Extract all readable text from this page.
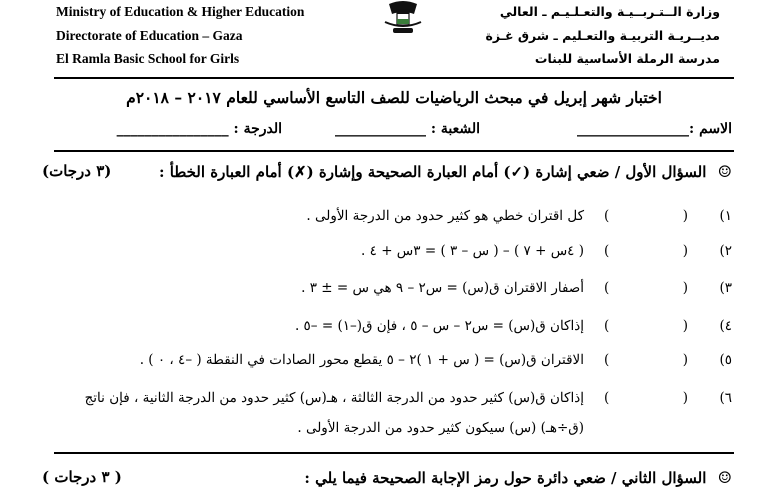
Ministry of Education & Higher Education
Directorate of Education – Gaza
El Ramla Basic School for Girls
وزارة الــتـربــيـة والتعـلـيـم ـ العالي
مديــريـة التربيـة والتعـليم ـ شرق غـزة
مدرسة الرملة الأساسية للبنات
اختبار شهر إبريل في مبحث الرياضيات للصف التاسع الأساسي للعام ٢٠١٧ – ٢٠١٨م
الاسم :________________
الشعبة : _____________
الدرجة : ________________
☺ السؤال الأول / ضعي إشارة (✓) أمام العبارة الصحيحة وإشارة (✗) أمام العبارة الخطأ :
(٣ درجات)
١)
(
)
كل اقتران خطي هو كثير حدود من الدرجة الأولى .
٢)
(
)
( ٤س + ٧ ) – ( س – ٣ ) = ٣س + ٤ .
٣)
(
)
أصفار الاقتران ق(س) = س٢ – ٩ هي س = ± ٣ .
٤)
(
)
إذاكان ق(س) = س٢ – س – ٥ ، فإن ق(–١) = –٥ .
٥)
(
)
الاقتران ق(س) = ( س + ١ )٢ – ٥ يقطع محور الصادات في النقطة ( –٤ ، ٠ ) .
٦)
(
)
إذاكان ق(س) كثير حدود من الدرجة الثالثة ، هـ(س) كثير حدود من الدرجة الثانية ، فإن ناتج
(ق÷هـ) (س) سيكون كثير حدود من الدرجة الأولى .
☺ السؤال الثاني / ضعي دائرة حول رمز الإجابة الصحيحة فيما يلي :
( ٣ درجات )
